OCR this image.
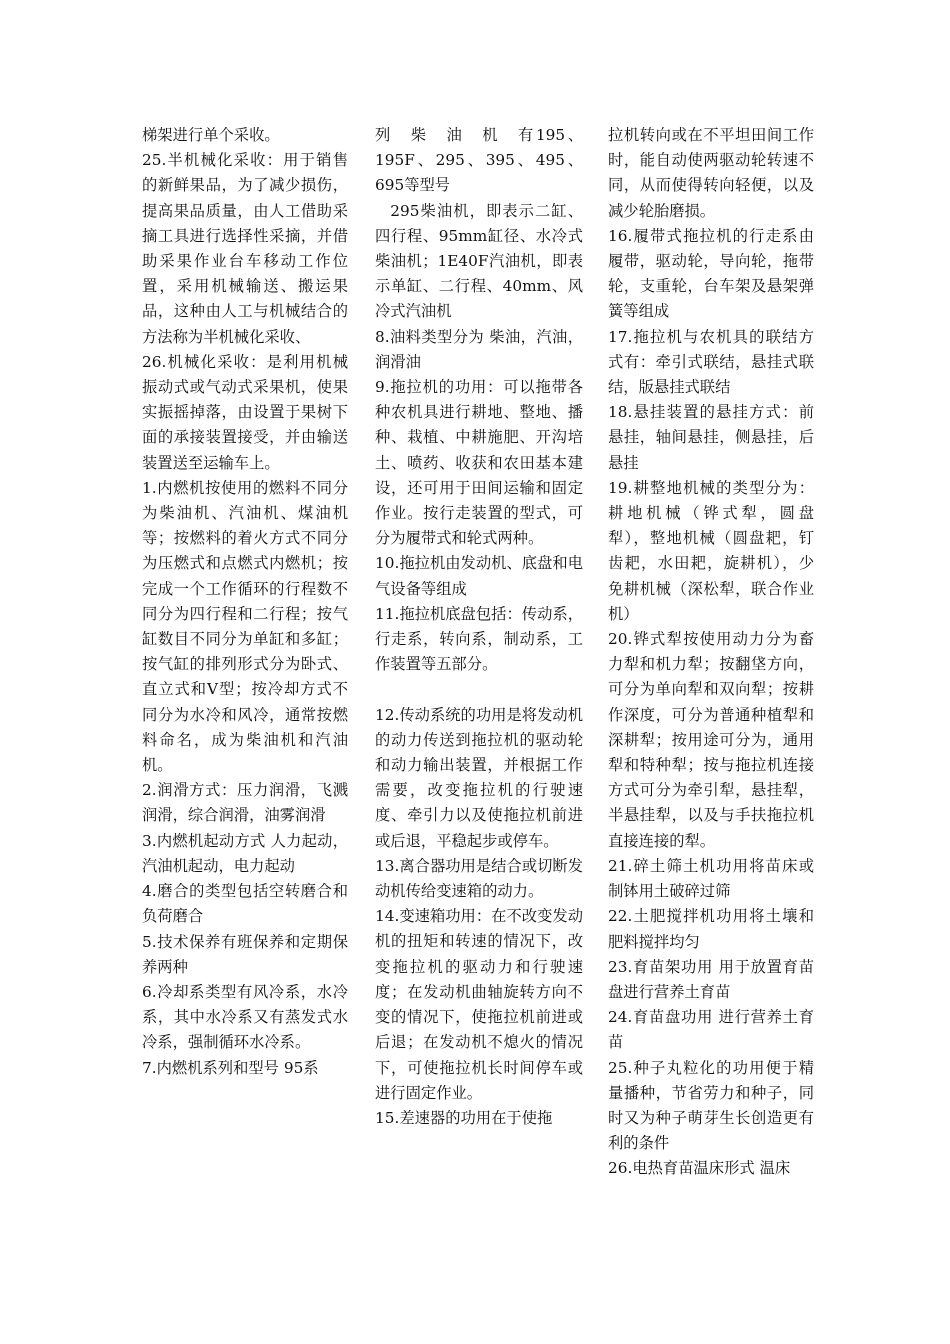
梯架进行单个采收。

25.半机械化采收：用于销售的新鲜果品，为了减少损伤，提高果品质量，由人工借助采摘工具进行选择性采摘，并借助采果作业台车移动工作位置，采用机械输送、搬运果品，这种由人工与机械结合的方法称为半机械化采收、

26.机械化采收：是利用机械振动式或气动式采果机，使果实振摇掉落，由设置于果树下面的承接装置接受，并由输送装置送至运输车上。

1.内燃机按使用的燃料不同分为柴油机、汽油机、煤油机等；按燃料的着火方式不同分为压燃式和点燃式内燃机；按完成一个工作循环的行程数不同分为四行程和二行程；按气缸数目不同分为单缸和多缸；按气缸的排列形式分为卧式、直立式和V型；按冷却方式不同分为水冷和风冷，通常按燃料命名，成为柴油机和汽油机。

2.润滑方式：压力润滑，飞溅润滑，综合润滑，油雾润滑

3.内燃机起动方式 人力起动，汽油机起动，电力起动

4.磨合的类型包括空转磨合和负荷磨合

5.技术保养有班保养和定期保养两种

6.冷却系类型有风冷系，水冷系，其中水冷系又有蒸发式水冷系，强制循环水冷系。

7.内燃机系列和型号 95系

列　柴　油　机　有195、195F、295、395、495、695等型号

295柴油机，即表示二缸、四行程、95mm缸径、水冷式柴油机；1E40F汽油机，即表示单缸、二行程、40mm、风冷式汽油机

8.油料类型分为 柴油，汽油，润滑油

9.拖拉机的功用：可以拖带各种农机具进行耕地、整地、播种、栽植、中耕施肥、开沟培土、喷药、收获和农田基本建设，还可用于田间运输和固定作业。按行走装置的型式，可分为履带式和轮式两种。

10.拖拉机由发动机、底盘和电气设备等组成

11.拖拉机底盘包括：传动系，行走系，转向系，制动系，工作装置等五部分。

12.传动系统的功用是将发动机的动力传送到拖拉机的驱动轮和动力输出装置，并根据工作需要，改变拖拉机的行驶速度、牵引力以及使拖拉机前进或后退，平稳起步或停车。

13.离合器功用是结合或切断发动机传给变速箱的动力。

14.变速箱功用：在不改变发动机的扭矩和转速的情况下，改变拖拉机的驱动力和行驶速度；在发动机曲轴旋转方向不变的情况下，使拖拉机前进或后退；在发动机不熄火的情况下，可使拖拉机长时间停车或进行固定作业。

15.差速器的功用在于使拖

拉机转向或在不平坦田间工作时，能自动使两驱动轮转速不同，从而使得转向轻便，以及减少轮胎磨损。

16.履带式拖拉机的行走系由履带，驱动轮，导向轮，拖带轮，支重轮，台车架及悬架弹簧等组成

17.拖拉机与农机具的联结方式有：牵引式联结，悬挂式联结，版悬挂式联结

18.悬挂装置的悬挂方式：前悬挂，轴间悬挂，侧悬挂，后悬挂

19.耕整地机械的类型分为：耕地机械（铧式犁，圆盘犁），整地机械（圆盘耙，钉齿耙，水田耙，旋耕机），少免耕机械（深松犁，联合作业机）

20.铧式犁按使用动力分为畜力犁和机力犁；按翻垡方向，可分为单向犁和双向犁；按耕作深度，可分为普通种植犁和深耕犁；按用途可分为，通用犁和特种犁；按与拖拉机连接方式可分为牵引犁，悬挂犁，半悬挂犁，以及与手扶拖拉机直接连接的犁。

21.碎土筛土机功用将苗床或制钵用土破碎过筛

22.土肥搅拌机功用将土壤和肥料搅拌均匀

23.育苗架功用 用于放置育苗盘进行营养土育苗

24.育苗盘功用 进行营养土育苗

25.种子丸粒化的功用便于精量播种，节省劳力和种子，同时又为种子萌芽生长创造更有利的条件

26.电热育苗温床形式 温床
